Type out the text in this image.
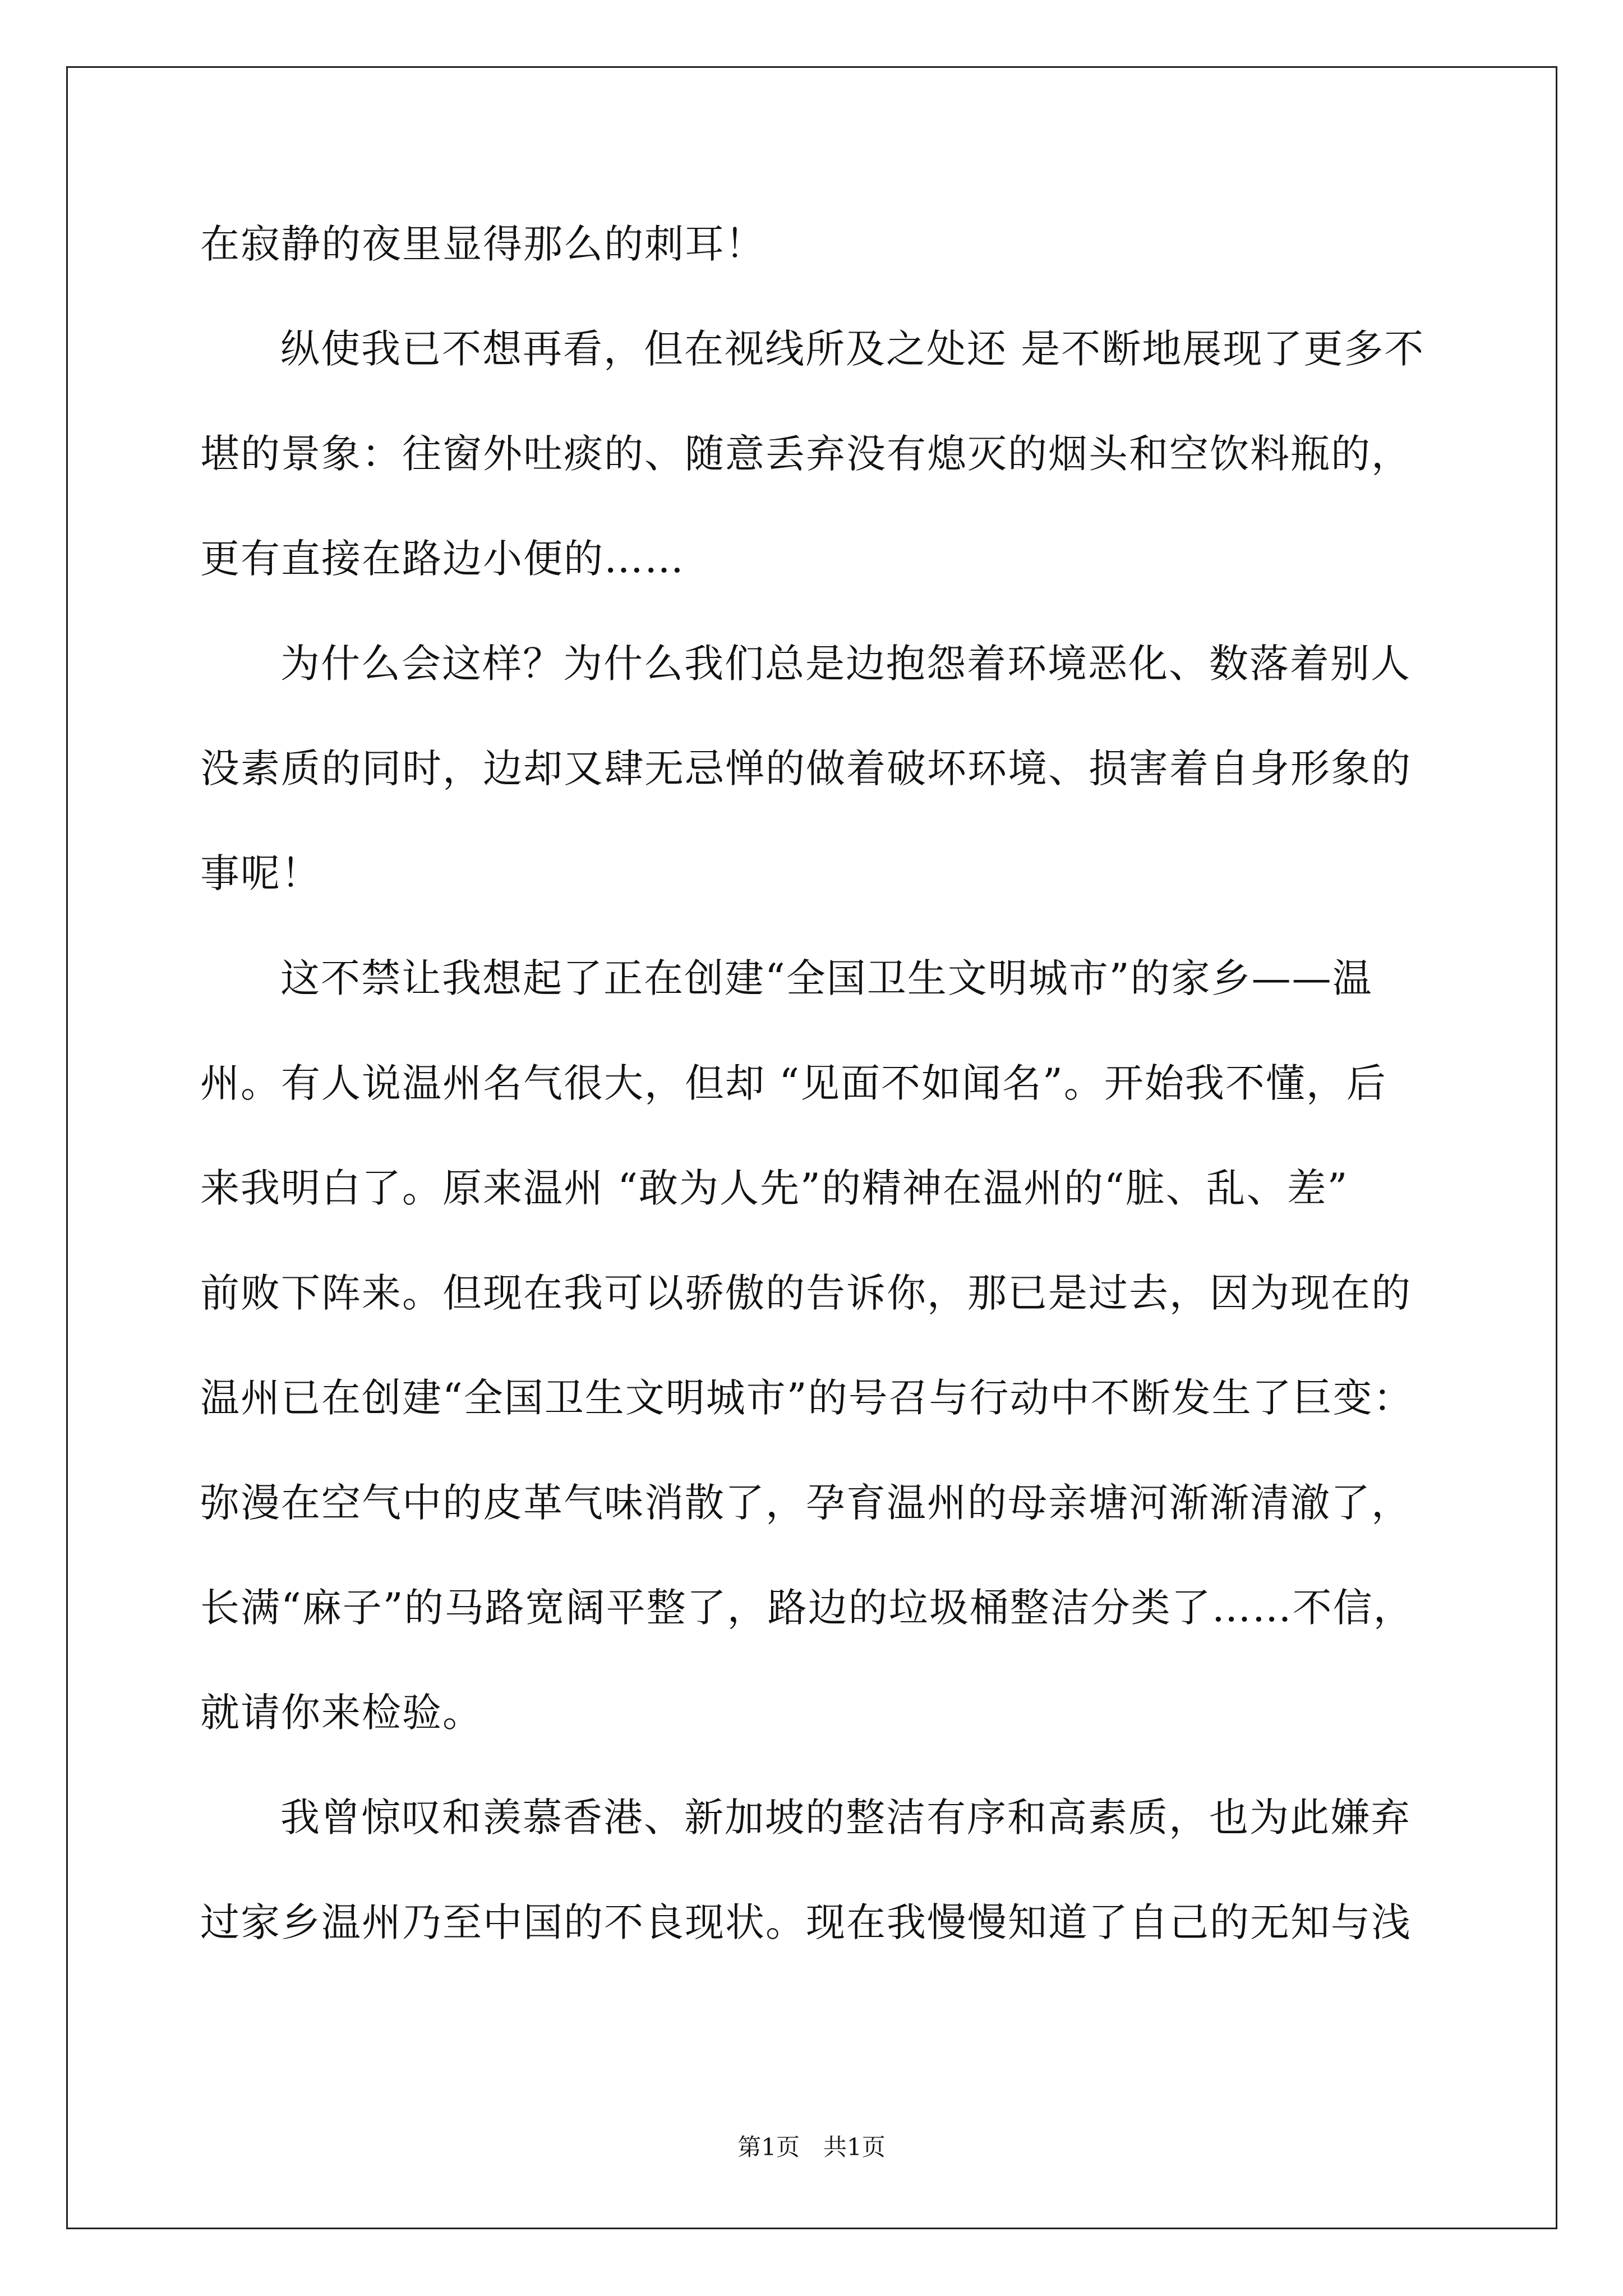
在寂静的夜里显得那么的刺耳！
纵使我已不想再看，但在视线所及之处还 是不断地展现了更多不
堪的景象：往窗外吐痰的、随意丢弃没有熄灭的烟头和空饮料瓶的，
更有直接在路边小便的……
为什么会这样？为什么我们总是边抱怨着环境恶化、数落着别人
没素质的同时，边却又肆无忌惮的做着破坏环境、损害着自身形象的
事呢！
这不禁让我想起了正在创建“全国卫生文明城市”的家乡——温
州。有人说温州名气很大，但却 “见面不如闻名”。开始我不懂，后
来我明白了。原来温州 “敢为人先”的精神在温州的“脏、乱、差”
前败下阵来。但现在我可以骄傲的告诉你，那已是过去，因为现在的
温州已在创建“全国卫生文明城市”的号召与行动中不断发生了巨变：
弥漫在空气中的皮革气味消散了，孕育温州的母亲塘河渐渐清澈了，
长满“麻子”的马路宽阔平整了，路边的垃圾桶整洁分类了……不信，
就请你来检验。
我曾惊叹和羡慕香港、新加坡的整洁有序和高素质，也为此嫌弃
过家乡温州乃至中国的不良现状。现在我慢慢知道了自己的无知与浅
第1页　共1页
